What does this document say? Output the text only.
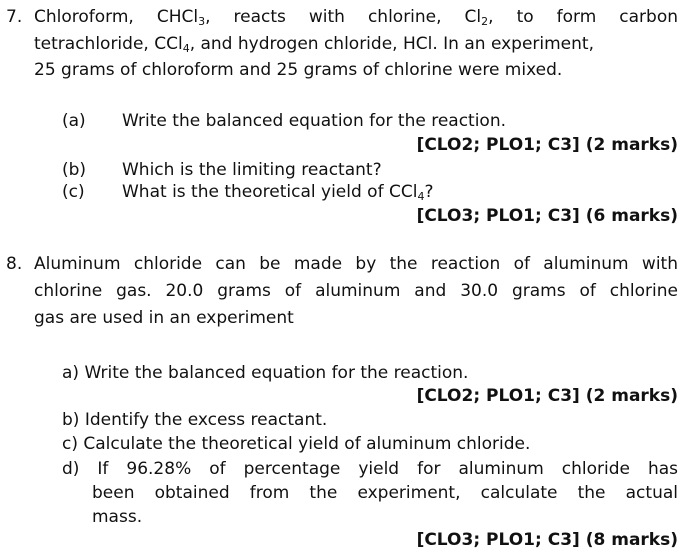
7. Chloroform, CHCl$_3$, reacts with chlorine, $Cl_2$, to form carbon
tetrachloride, CCl$_4$, and hydrogen chloride, HCl. In an experiment,
25 grams of chloroform and 25 grams of chlorine were mixed.
(a) Write the balanced equation for the reaction.
[CLO2; PLO1; C3] (2 marks)
(b) Which is the limiting reactant?
(c) What is the theoretical yield of CCl$_4$?
[CLO3; PLO1; C3] (6 marks)
8. Aluminum chloride can be made by the reaction of aluminum with
chlorine gas. 20.0 grams of aluminum and 30.0 grams of chlorine
gas are used in an experiment
a) Write the balanced equation for the reaction.
[CLO2; PLO1; C3] (2 marks)
b) Identify the excess reactant.
c) Calculate the theoretical yield of aluminum chloride.
d) If 96.28% of percentage yield for aluminum chloride has
been obtained from the experiment, calculate the actual
mass.
[CLO3; PLO1; C3] (8 marks)
